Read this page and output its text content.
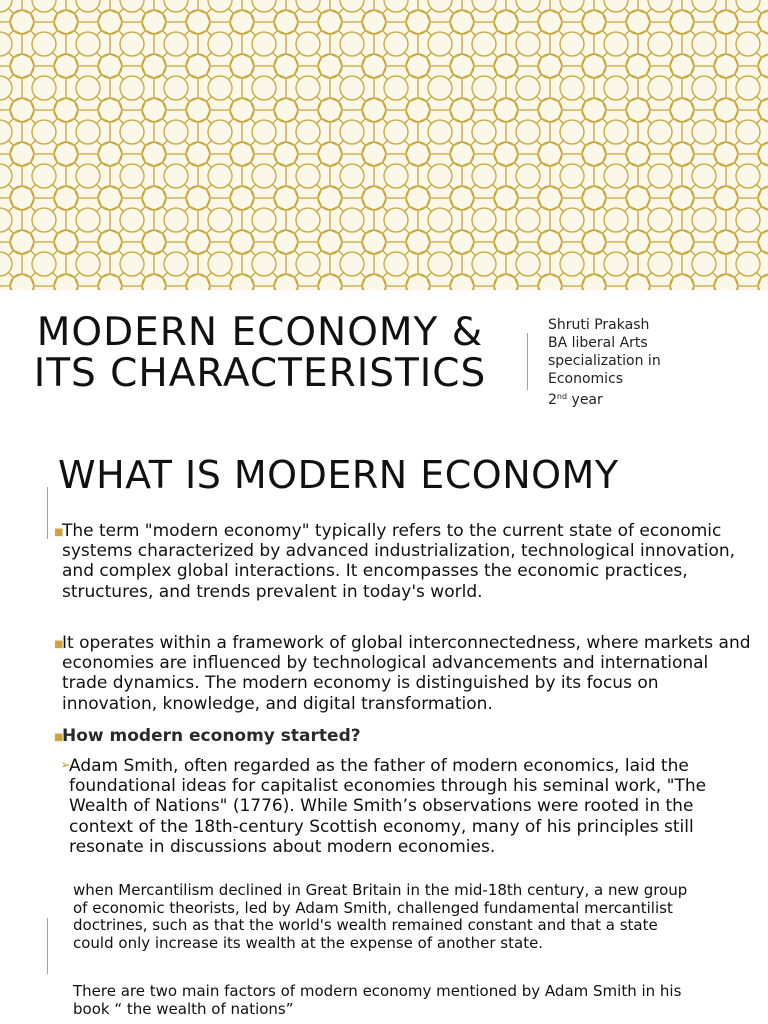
MODERN ECONOMY &
ITS CHARACTERISTICS
Shruti Prakash
BA liberal Arts
specialization in
Economics
2nd year
WHAT IS MODERN ECONOMY
■
The term "modern economy" typically refers to the current state of economic systems characterized by advanced industrialization, technological innovation, and complex global interactions. It encompasses the economic practices, structures, and trends prevalent in today's world.
■
It operates within a framework of global interconnectedness, where markets and economies are influenced by technological advancements and international trade dynamics. The modern economy is distinguished by its focus on innovation, knowledge, and digital transformation.
■
How modern economy started?
➢
Adam Smith, often regarded as the father of modern economics, laid the foundational ideas for capitalist economies through his seminal work, "The Wealth of Nations" (1776). While Smith’s observations were rooted in the context of the 18th-century Scottish economy, many of his principles still resonate in discussions about modern economies.
when Mercantilism declined in Great Britain in the mid-18th century, a new group of economic theorists, led by Adam Smith, challenged fundamental mercantilist doctrines, such as that the world's wealth remained constant and that a state could only increase its wealth at the expense of another state.
There are two main factors of modern economy mentioned by Adam Smith in his book “ the wealth of nations”
